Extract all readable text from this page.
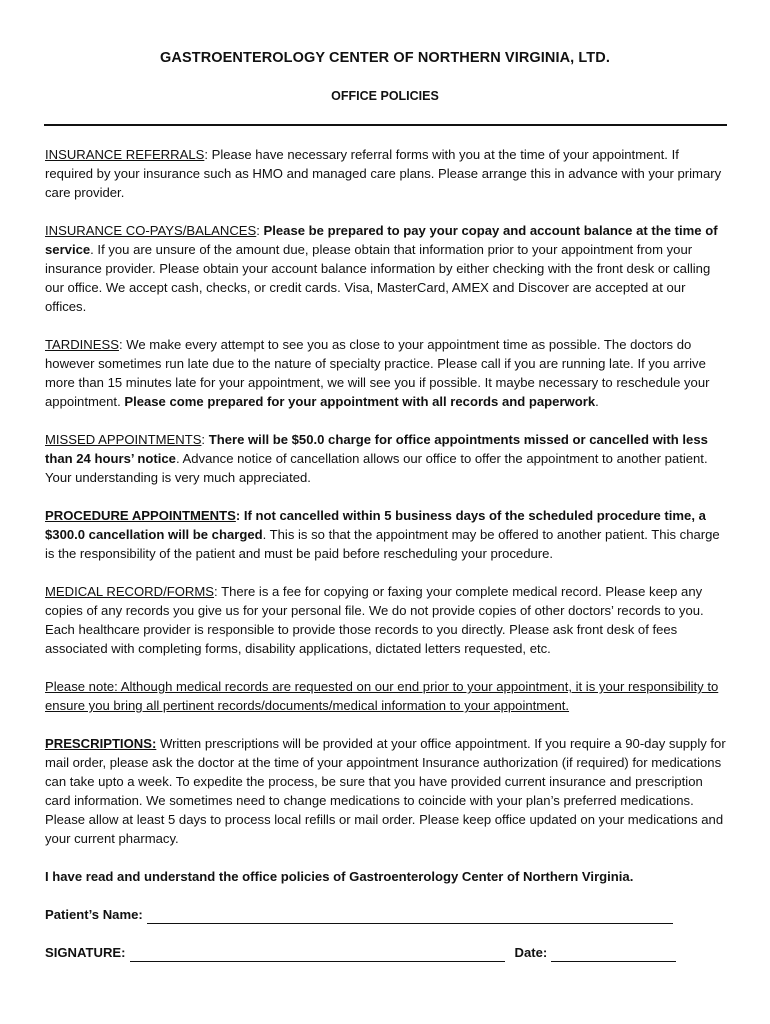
GASTROENTEROLOGY CENTER OF NORTHERN VIRGINIA, LTD.
OFFICE POLICIES

INSURANCE REFERRALS: Please have necessary referral forms with you at the time of your appointment. If required by your insurance such as HMO and managed care plans. Please arrange this in advance with your primary care provider.

INSURANCE CO-PAYS/BALANCES: Please be prepared to pay your copay and account balance at the time of service. If you are unsure of the amount due, please obtain that information prior to your appointment from your insurance provider. Please obtain your account balance information by either checking with the front desk or calling our office. We accept cash, checks, or credit cards. Visa, MasterCard, AMEX and Discover are accepted at our offices.

TARDINESS: We make every attempt to see you as close to your appointment time as possible. The doctors do however sometimes run late due to the nature of specialty practice. Please call if you are running late. If you arrive more than 15 minutes late for your appointment, we will see you if possible. It maybe necessary to reschedule your appointment. Please come prepared for your appointment with all records and paperwork.

MISSED APPOINTMENTS: There will be $50.0 charge for office appointments missed or cancelled with less than 24 hours’ notice. Advance notice of cancellation allows our office to offer the appointment to another patient. Your understanding is very much appreciated.

PROCEDURE APPOINTMENTS: If not cancelled within 5 business days of the scheduled procedure time, a $300.0 cancellation will be charged. This is so that the appointment may be offered to another patient. This charge is the responsibility of the patient and must be paid before rescheduling your procedure.

MEDICAL RECORD/FORMS: There is a fee for copying or faxing your complete medical record. Please keep any copies of any records you give us for your personal file. We do not provide copies of other doctors’ records to you. Each healthcare provider is responsible to provide those records to you directly. Please ask front desk of fees associated with completing forms, disability applications, dictated letters requested, etc.

Please note: Although medical records are requested on our end prior to your appointment, it is your responsibility to ensure you bring all pertinent records/documents/medical information to your appointment.

PRESCRIPTIONS: Written prescriptions will be provided at your office appointment. If you require a 90-day supply for mail order, please ask the doctor at the time of your appointment Insurance authorization (if required) for medications can take upto a week. To expedite the process, be sure that you have provided current insurance and prescription card information. We sometimes need to change medications to coincide with your plan’s preferred medications. Please allow at least 5 days to process local refills or mail order. Please keep office updated on your medications and your current pharmacy.

I have read and understand the office policies of Gastroenterology Center of Northern Virginia.

Patient’s Name:
SIGNATURE:	Date:
